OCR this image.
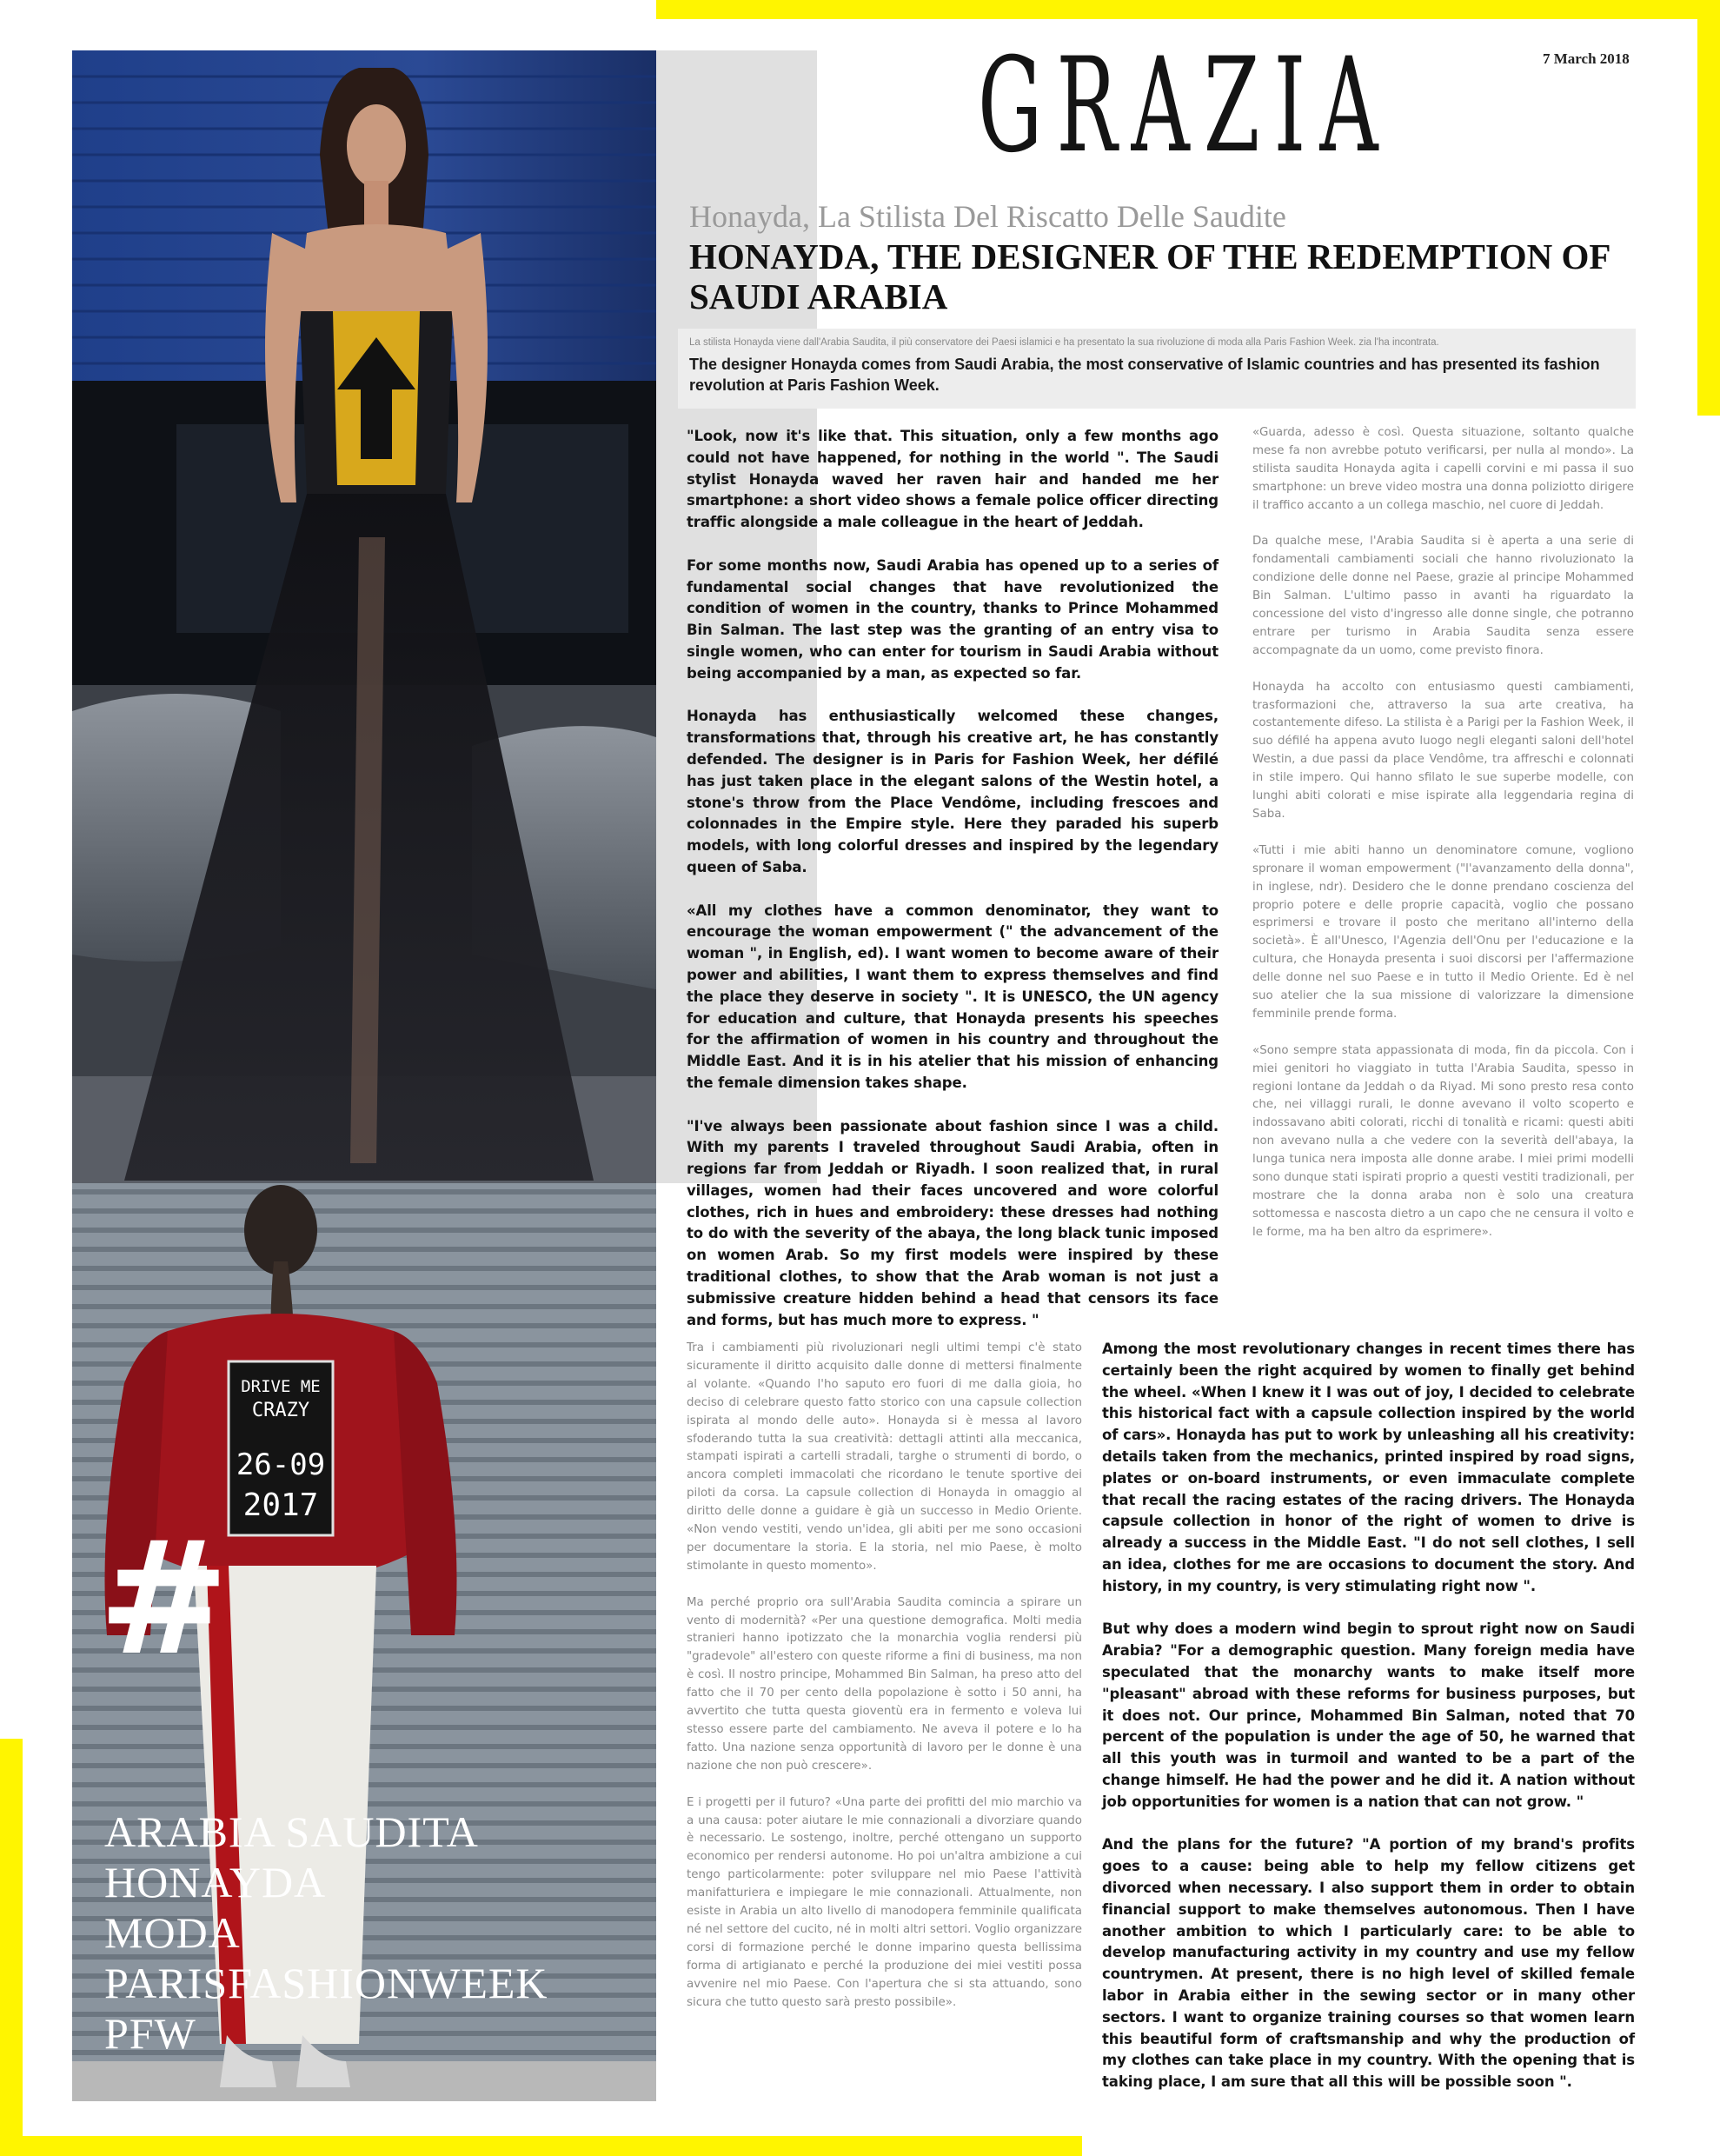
DRIVE ME
CRAZY
26-09
2017
#
ARABIA SAUDITA
HONAYDA
MODA
PARISFASHIONWEEK
PFW
GRAZIA	7 March 2018
Honayda, La Stilista Del Riscatto Delle Saudite
HONAYDA, THE DESIGNER OF THE REDEMPTION OF SAUDI ARABIA
La stilista Honayda viene dall'Arabia Saudita, il più conservatore dei Paesi islamici e ha presentato la sua rivoluzione di moda alla Paris Fashion Week. zia l'ha incontrata.
The designer Honayda comes from Saudi Arabia, the most conservative of Islamic countries and has presented its fashion revolution at Paris Fashion Week.

"Look, now it's like that. This situation, only a few months ago could not have happened, for nothing in the world ". The Saudi stylist Honayda waved her raven hair and handed me her smartphone: a short video shows a female police officer directing traffic alongside a male colleague in the heart of Jeddah.

For some months now, Saudi Arabia has opened up to a series of fundamental social changes that have revolutionized the condition of women in the country, thanks to Prince Mohammed Bin Salman. The last step was the granting of an entry visa to single women, who can enter for tourism in Saudi Arabia without being accompanied by a man, as expected so far.

Honayda has enthusiastically welcomed these changes, transformations that, through his creative art, he has constantly defended. The designer is in Paris for Fashion Week, her défilé has just taken place in the elegant salons of the Westin hotel, a stone's throw from the Place Vendôme, including frescoes and colonnades in the Empire style. Here they paraded his superb models, with long colorful dresses and inspired by the legendary queen of Saba.

«All my clothes have a common denominator, they want to encourage the woman empowerment (" the advancement of the woman ", in English, ed). I want women to become aware of their power and abilities, I want them to express themselves and find the place they deserve in society ". It is UNESCO, the UN agency for education and culture, that Honayda presents his speeches for the affirmation of women in his country and throughout the Middle East. And it is in his atelier that his mission of enhancing the female dimension takes shape.

"I've always been passionate about fashion since I was a child. With my parents I traveled throughout Saudi Arabia, often in regions far from Jeddah or Riyadh. I soon realized that, in rural villages, women had their faces uncovered and wore colorful clothes, rich in hues and embroidery: these dresses had nothing to do with the severity of the abaya, the long black tunic imposed on women Arab. So my first models were inspired by these traditional clothes, to show that the Arab woman is not just a submissive creature hidden behind a head that censors its face and forms, but has much more to express. "

«Guarda, adesso è così. Questa situazione, soltanto qualche mese fa non avrebbe potuto verificarsi, per nulla al mondo». La stilista saudita Honayda agita i capelli corvini e mi passa il suo smartphone: un breve video mostra una donna poliziotto dirigere il traffico accanto a un collega maschio, nel cuore di Jeddah.

Da qualche mese, l'Arabia Saudita si è aperta a una serie di fondamentali cambiamenti sociali che hanno rivoluzionato la condizione delle donne nel Paese, grazie al principe Mohammed Bin Salman. L'ultimo passo in avanti ha riguardato la concessione del visto d'ingresso alle donne single, che potranno entrare per turismo in Arabia Saudita senza essere accompagnate da un uomo, come previsto finora.

Honayda ha accolto con entusiasmo questi cambiamenti, trasformazioni che, attraverso la sua arte creativa, ha costantemente difeso. La stilista è a Parigi per la Fashion Week, il suo défilé ha appena avuto luogo negli eleganti saloni dell'hotel Westin, a due passi da place Vendôme, tra affreschi e colonnati in stile impero. Qui hanno sfilato le sue superbe modelle, con lunghi abiti colorati e mise ispirate alla leggendaria regina di Saba.

«Tutti i mie abiti hanno un denominatore comune, vogliono spronare il woman empowerment ("l'avanzamento della donna", in inglese, ndr). Desidero che le donne prendano coscienza del proprio potere e delle proprie capacità, voglio che possano esprimersi e trovare il posto che meritano all'interno della società». È all'Unesco, l'Agenzia dell'Onu per l'educazione e la cultura, che Honayda presenta i suoi discorsi per l'affermazione delle donne nel suo Paese e in tutto il Medio Oriente. Ed è nel suo atelier che la sua missione di valorizzare la dimensione femminile prende forma.

«Sono sempre stata appassionata di moda, fin da piccola. Con i miei genitori ho viaggiato in tutta l'Arabia Saudita, spesso in regioni lontane da Jeddah o da Riyad. Mi sono presto resa conto che, nei villaggi rurali, le donne avevano il volto scoperto e indossavano abiti colorati, ricchi di tonalità e ricami: questi abiti non avevano nulla a che vedere con la severità dell'abaya, la lunga tunica nera imposta alle donne arabe. I miei primi modelli sono dunque stati ispirati proprio a questi vestiti tradizionali, per mostrare che la donna araba non è solo una creatura sottomessa e nascosta dietro a un capo che ne censura il volto e le forme, ma ha ben altro da esprimere».

Tra i cambiamenti più rivoluzionari negli ultimi tempi c'è stato sicuramente il diritto acquisito dalle donne di mettersi finalmente al volante. «Quando l'ho saputo ero fuori di me dalla gioia, ho deciso di celebrare questo fatto storico con una capsule collection ispirata al mondo delle auto». Honayda si è messa al lavoro sfoderando tutta la sua creatività: dettagli attinti alla meccanica, stampati ispirati a cartelli stradali, targhe o strumenti di bordo, o ancora completi immacolati che ricordano le tenute sportive dei piloti da corsa. La capsule collection di Honayda in omaggio al diritto delle donne a guidare è già un successo in Medio Oriente. «Non vendo vestiti, vendo un'idea, gli abiti per me sono occasioni per documentare la storia. E la storia, nel mio Paese, è molto stimolante in questo momento».

Ma perché proprio ora sull'Arabia Saudita comincia a spirare un vento di modernità? «Per una questione demografica. Molti media stranieri hanno ipotizzato che la monarchia voglia rendersi più "gradevole" all'estero con queste riforme a fini di business, ma non è così. Il nostro principe, Mohammed Bin Salman, ha preso atto del fatto che il 70 per cento della popolazione è sotto i 50 anni, ha avvertito che tutta questa gioventù era in fermento e voleva lui stesso essere parte del cambiamento. Ne aveva il potere e lo ha fatto. Una nazione senza opportunità di lavoro per le donne è una nazione che non può crescere».

E i progetti per il futuro? «Una parte dei profitti del mio marchio va a una causa: poter aiutare le mie connazionali a divorziare quando è necessario. Le sostengo, inoltre, perché ottengano un supporto economico per rendersi autonome. Ho poi un'altra ambizione a cui tengo particolarmente: poter sviluppare nel mio Paese l'attività manifatturiera e impiegare le mie connazionali. Attualmente, non esiste in Arabia un alto livello di manodopera femminile qualificata né nel settore del cucito, né in molti altri settori. Voglio organizzare corsi di formazione perché le donne imparino questa bellissima forma di artigianato e perché la produzione dei miei vestiti possa avvenire nel mio Paese. Con l'apertura che si sta attuando, sono sicura che tutto questo sarà presto possibile».

Among the most revolutionary changes in recent times there has certainly been the right acquired by women to finally get behind the wheel. «When I knew it I was out of joy, I decided to celebrate this historical fact with a capsule collection inspired by the world of cars». Honayda has put to work by unleashing all his creativity: details taken from the mechanics, printed inspired by road signs, plates or on-board instruments, or even immaculate complete that recall the racing estates of the racing drivers. The Honayda capsule collection in honor of the right of women to drive is already a success in the Middle East. "I do not sell clothes, I sell an idea, clothes for me are occasions to document the story. And history, in my country, is very stimulating right now ".

But why does a modern wind begin to sprout right now on Saudi Arabia? "For a demographic question. Many foreign media have speculated that the monarchy wants to make itself more "pleasant" abroad with these reforms for business purposes, but it does not. Our prince, Mohammed Bin Salman, noted that 70 percent of the population is under the age of 50, he warned that all this youth was in turmoil and wanted to be a part of the change himself. He had the power and he did it. A nation without job opportunities for women is a nation that can not grow. "

And the plans for the future? "A portion of my brand's profits goes to a cause: being able to help my fellow citizens get divorced when necessary. I also support them in order to obtain financial support to make themselves autonomous. Then I have another ambition to which I particularly care: to be able to develop manufacturing activity in my country and use my fellow countrymen. At present, there is no high level of skilled female labor in Arabia either in the sewing sector or in many other sectors. I want to organize training courses so that women learn this beautiful form of craftsmanship and why the production of my clothes can take place in my country. With the opening that is taking place, I am sure that all this will be possible soon ".
